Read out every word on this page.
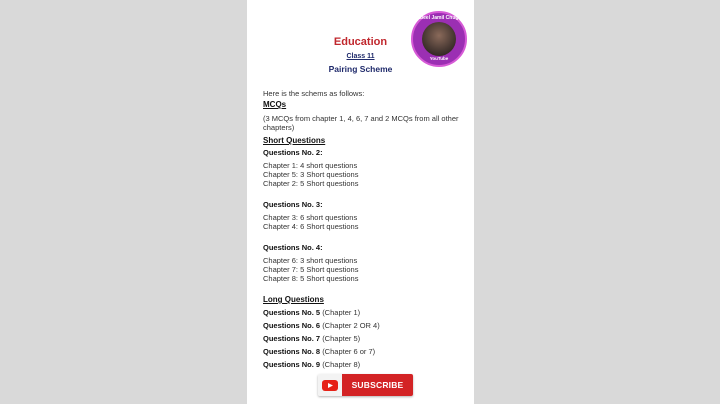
Education
Class 11
Pairing Scheme
Nabeel Jamil Chugtai
YouTube
Here is the schems as follows:
MCQs
(3 MCQs from chapter 1, 4, 6, 7 and 2 MCQs from all other chapters)
Short Questions
Questions No. 2:
Chapter 1: 4 short questions
Chapter 5: 3 Short questions
Chapter 2: 5 Short questions
Questions No. 3:
Chapter 3: 6 short questions
Chapter 4: 6 Short questions
Questions No. 4:
Chapter 6: 3 short questions
Chapter 7: 5 Short questions
Chapter 8: 5 Short questions
Long Questions
Questions No. 5 (Chapter 1)
Questions No. 6 (Chapter 2 OR 4)
Questions No. 7 (Chapter 5)
Questions No. 8 (Chapter 6 or 7)
Questions No. 9 (Chapter 8)
SUBSCRIBE
